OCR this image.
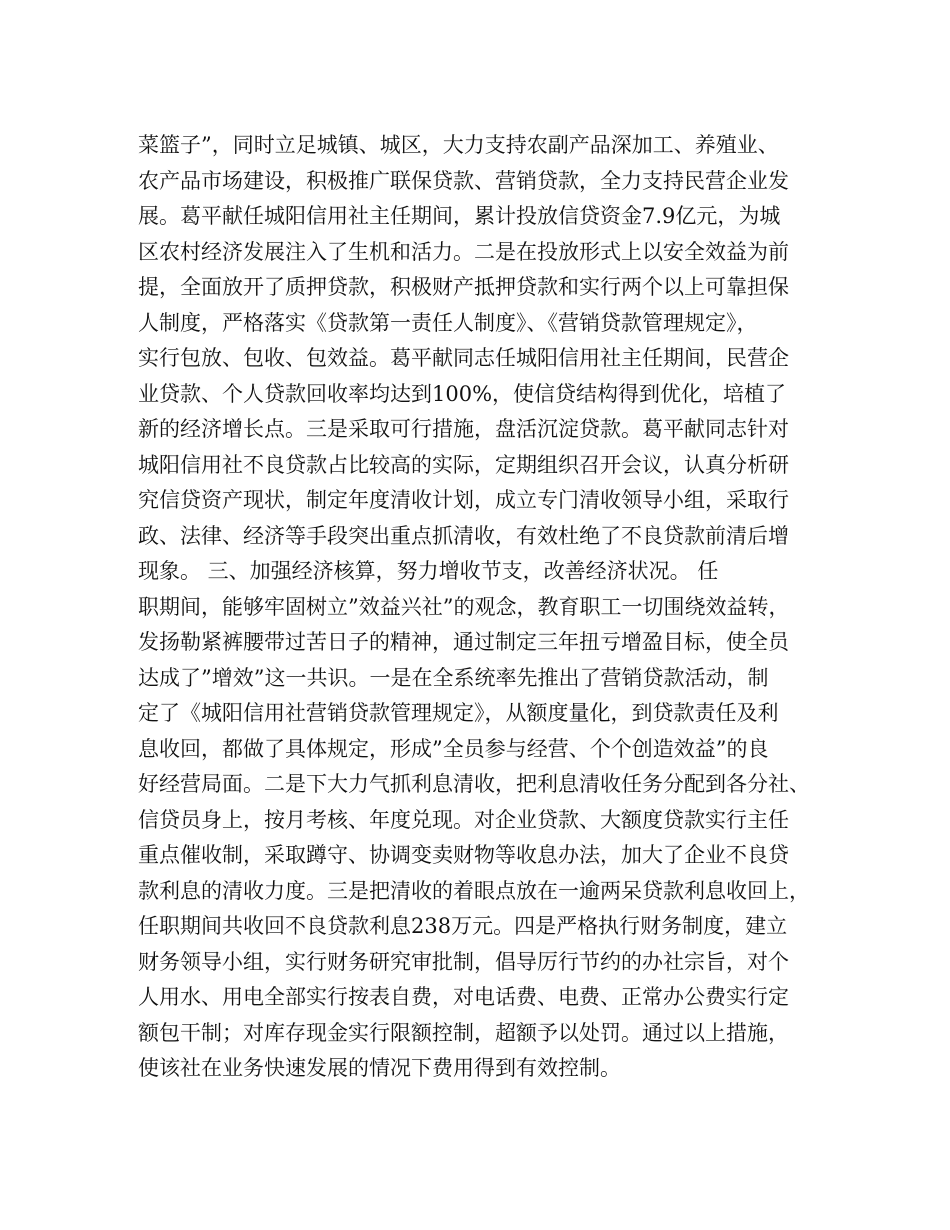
菜篮子”，同时立足城镇、城区，大力支持农副产品深加工、养殖业、
农产品市场建设，积极推广联保贷款、营销贷款，全力支持民营企业发
展。葛平献任城阳信用社主任期间，累计投放信贷资金7.9亿元，为城
区农村经济发展注入了生机和活力。二是在投放形式上以安全效益为前
提，全面放开了质押贷款，积极财产抵押贷款和实行两个以上可靠担保
人制度，严格落实《贷款第一责任人制度》、《营销贷款管理规定》，
实行包放、包收、包效益。葛平献同志任城阳信用社主任期间，民营企
业贷款、个人贷款回收率均达到100%，使信贷结构得到优化，培植了
新的经济增长点。三是采取可行措施，盘活沉淀贷款。葛平献同志针对
城阳信用社不良贷款占比较高的实际，定期组织召开会议，认真分析研
究信贷资产现状，制定年度清收计划，成立专门清收领导小组，采取行
政、法律、经济等手段突出重点抓清收，有效杜绝了不良贷款前清后增
现象。 三、加强经济核算，努力增收节支，改善经济状况。 任
职期间，能够牢固树立”效益兴社”的观念，教育职工一切围绕效益转，
发扬勒紧裤腰带过苦日子的精神，通过制定三年扭亏增盈目标，使全员
达成了”增效”这一共识。一是在全系统率先推出了营销贷款活动，制
定了《城阳信用社营销贷款管理规定》，从额度量化，到贷款责任及利
息收回，都做了具体规定，形成”全员参与经营、个个创造效益”的良
好经营局面。二是下大力气抓利息清收，把利息清收任务分配到各分社、
信贷员身上，按月考核、年度兑现。对企业贷款、大额度贷款实行主任
重点催收制，采取蹲守、协调变卖财物等收息办法，加大了企业不良贷
款利息的清收力度。三是把清收的着眼点放在一逾两呆贷款利息收回上，
任职期间共收回不良贷款利息238万元。四是严格执行财务制度，建立
财务领导小组，实行财务研究审批制，倡导厉行节约的办社宗旨，对个
人用水、用电全部实行按表自费，对电话费、电费、正常办公费实行定
额包干制；对库存现金实行限额控制，超额予以处罚。通过以上措施，
使该社在业务快速发展的情况下费用得到有效控制。
